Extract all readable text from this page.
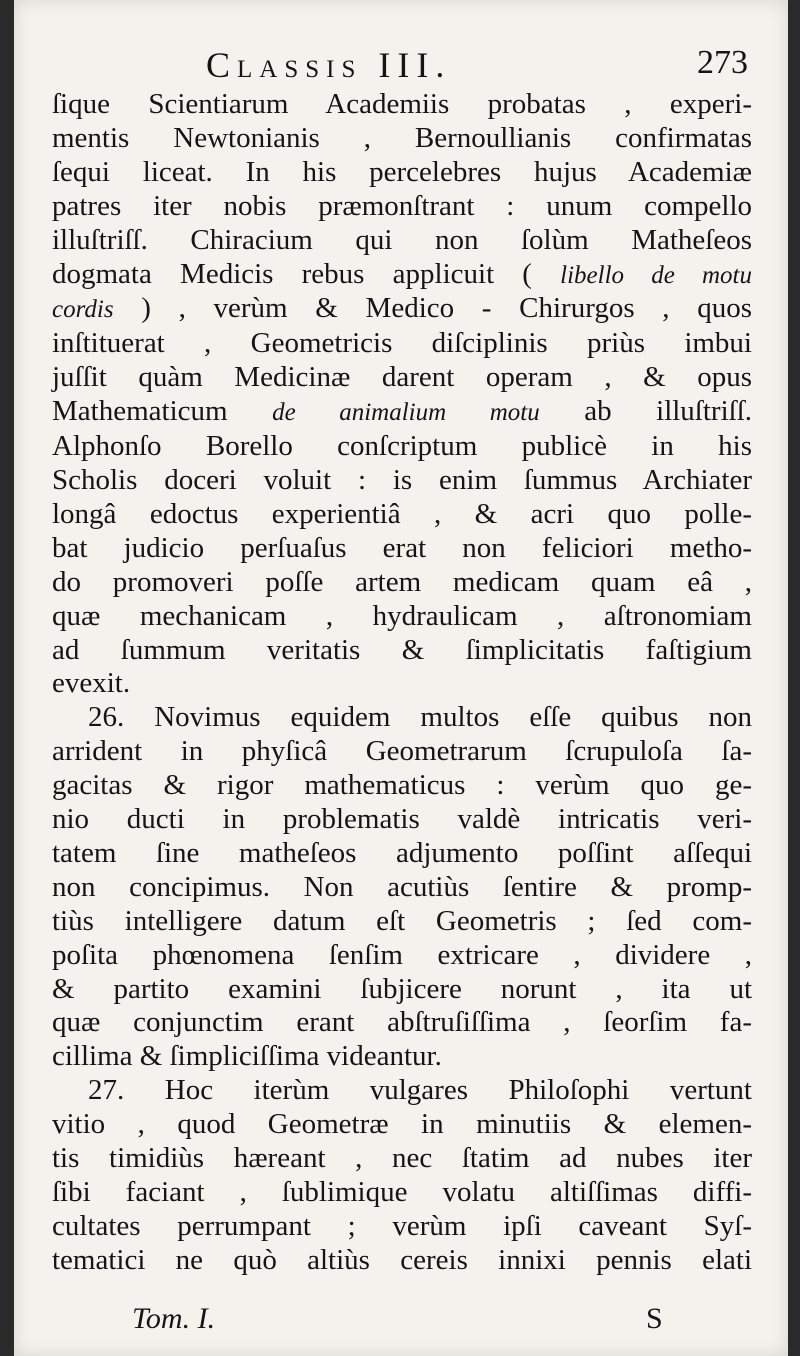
Classis III.	273
ſique Scientiarum Academiis probatas , experi-
mentis Newtonianis , Bernoullianis confirmatas
ſequi liceat. In his percelebres hujus Academiæ
patres iter nobis præmonſtrant : unum compello
illuſtriſſ. Chiracium qui non ſolùm Matheſeos
dogmata Medicis rebus applicuit ( libello de motu
cordis ) , verùm & Medico - Chirurgos , quos
inſtituerat , Geometricis diſciplinis priùs imbui
juſſit quàm Medicinæ darent operam , & opus
Mathematicum de animalium motu ab illuſtriſſ.
Alphonſo Borello conſcriptum publicè in his
Scholis doceri voluit : is enim ſummus Archiater
longâ edoctus experientiâ , & acri quo polle-
bat judicio perſuaſus erat non feliciori metho-
do promoveri poſſe artem medicam quam eâ ,
quæ mechanicam , hydraulicam , aſtronomiam
ad ſummum veritatis & ſimplicitatis faſtigium
evexit.
26. Novimus equidem multos eſſe quibus non
arrident in phyſicâ Geometrarum ſcrupuloſa ſa-
gacitas & rigor mathematicus : verùm quo ge-
nio ducti in problematis valdè intricatis veri-
tatem ſine matheſeos adjumento poſſint aſſequi
non concipimus. Non acutiùs ſentire & promp-
tiùs intelligere datum eſt Geometris ; ſed com-
poſita phœnomena ſenſim extricare , dividere ,
& partito examini ſubjicere norunt , ita ut
quæ conjunctim erant abſtruſiſſima , ſeorſim fa-
cillima & ſimpliciſſima videantur.
27. Hoc iterùm vulgares Philoſophi vertunt
vitio , quod Geometræ in minutiis & elemen-
tis timidiùs hæreant , nec ſtatim ad nubes iter
ſibi faciant , ſublimique volatu altiſſimas diffi-
cultates perrumpant ; verùm ipſi caveant Syſ-
tematici ne quò altiùs cereis innixi pennis elati
Tom. I.	S
